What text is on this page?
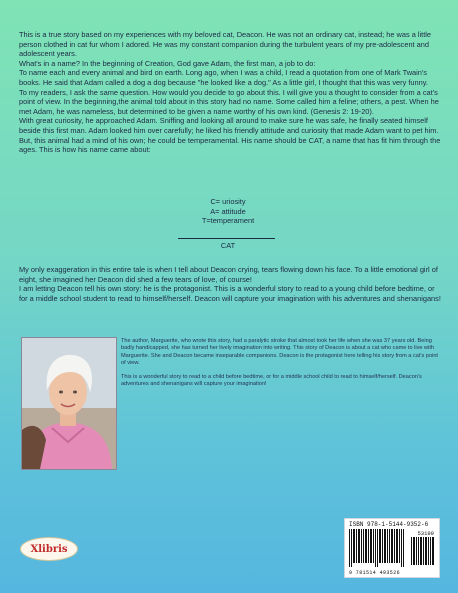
This is a true story based on my experiences with my beloved cat, Deacon. He was not an ordinary cat, instead; he was a little person clothed in cat fur whom I adored. He was my constant companion during the turbulent years of my pre-adolescent and adolescent years.

What's in a name? In the beginning of Creation, God gave Adam, the first man, a job to do:

To name each and every animal and bird on earth. Long ago, when I was a child, I read a quotation from one of Mark Twain's books. He said that Adam called a dog a dog because "he looked like a dog." As a little girl, I thought that this was very funny.

To my readers, I ask the same question. How would you decide to go about this. I will give you a thought to consider from a cat's point of view. In the beginning,the animal told about in this story had no name. Some called him a feline; others, a pest. When he met Adam, he was nameless, but determined to be given a name worthy of his own kind. (Genesis 2: 19-20).

With great curiosity, he approached Adam. Sniffing and looking all around to make sure he was safe, he finally seated himself beside this first man. Adam looked him over carefully; he liked his friendly attitude and curiosity that made Adam want to pet him. But, this animal had a mind of his own; he could be temperamental. His name should be CAT, a name that has fit him through the ages. This is how his name came about:

C= uriosity
A= attitude
T=temperament
CAT

My only exaggeration in this entire tale is when I tell about Deacon crying, tears flowing down his face. To a little emotional girl of eight, she imagined her Deacon did shed a few tears of love, of course!

I am letting Deacon tell his own story: he is the protagonist. This is a wonderful story to read to a young child before bedtime, or for a middle school student to read to himself/herself. Deacon will capture your imagination with his adventures and shenanigans!

The author, Marguerite, who wrote this story, had a paralytic stroke that almost took her life when she was 37 years old. Being badly handicapped, she has turned her lively imagination into writing. This story of Deacon is about a cat who came to live with Marguerite. She and Deacon became inseparable companions. Deacon is the protagonist here telling his story from a cat's point of view.

This is a wonderful story to read to a child before bedtime, or for a middle school child to read to himself/herself. Deacon's adventures and shenanigans will capture your imagination!

Xlibris
ISBN 978-1-5144-9352-6
53199
9 781514 493526
